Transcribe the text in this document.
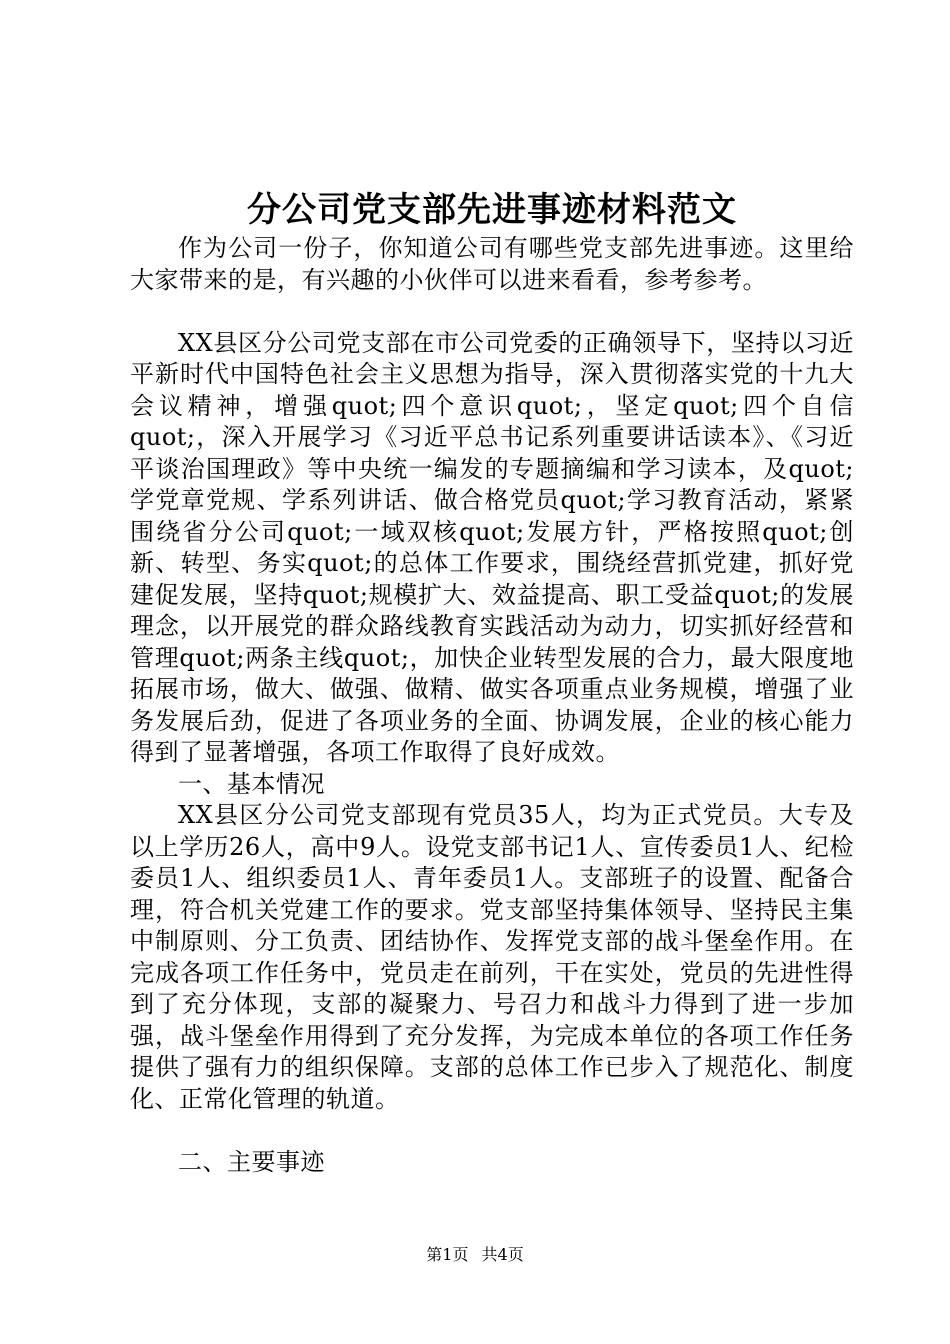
分公司党支部先进事迹材料范文

作为公司一份子，你知道公司有哪些党支部先进事迹。这里给大家带来的是，有兴趣的小伙伴可以进来看看，参考参考。

XX县区分公司党支部在市公司党委的正确领导下，坚持以习近平新时代中国特色社会主义思想为指导，深入贯彻落实党的十九大会议精神，增强quot;四个意识quot;，坚定quot;四个自信quot;，深入开展学习《习近平总书记系列重要讲话读本》、《习近平谈治国理政》等中央统一编发的专题摘编和学习读本，及quot;学党章党规、学系列讲话、做合格党员quot;学习教育活动，紧紧围绕省分公司quot;一域双核quot;发展方针，严格按照quot;创新、转型、务实quot;的总体工作要求，围绕经营抓党建，抓好党建促发展，坚持quot;规模扩大、效益提高、职工受益quot;的发展理念，以开展党的群众路线教育实践活动为动力，切实抓好经营和管理quot;两条主线quot;，加快企业转型发展的合力，最大限度地拓展市场，做大、做强、做精、做实各项重点业务规模，增强了业务发展后劲，促进了各项业务的全面、协调发展，企业的核心能力得到了显著增强，各项工作取得了良好成效。

一、基本情况

XX县区分公司党支部现有党员35人，均为正式党员。大专及以上学历26人，高中9人。设党支部书记1人、宣传委员1人、纪检委员1人、组织委员1人、青年委员1人。支部班子的设置、配备合理，符合机关党建工作的要求。党支部坚持集体领导、坚持民主集中制原则、分工负责、团结协作、发挥党支部的战斗堡垒作用。在完成各项工作任务中，党员走在前列，干在实处，党员的先进性得到了充分体现，支部的凝聚力、号召力和战斗力得到了进一步加强，战斗堡垒作用得到了充分发挥，为完成本单位的各项工作任务提供了强有力的组织保障。支部的总体工作已步入了规范化、制度化、正常化管理的轨道。

二、主要事迹

第1页 共4页
